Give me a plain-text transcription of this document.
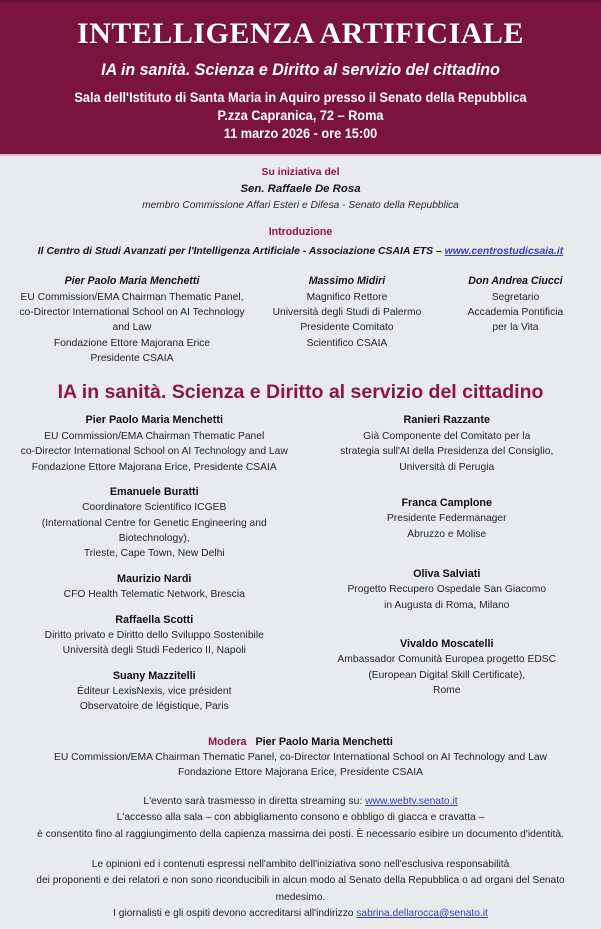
INTELLIGENZA ARTIFICIALE
IA in sanità. Scienza e Diritto al servizio del cittadino
Sala dell'Istituto di Santa Maria in Aquiro presso il Senato della Repubblica
P.zza Capranica, 72 – Roma
11 marzo 2026 - ore 15:00
Su iniziativa del
Sen. Raffaele De Rosa
membro Commissione Affari Esteri e Difesa - Senato della Repubblica
Introduzione
Il Centro di Studi Avanzati per l'Intelligenza Artificiale - Associazione CSAIA ETS – www.centrostudicsaia.it
Pier Paolo Maria Menchetti
EU Commission/EMA Chairman Thematic Panel,
co-Director International School on AI Technology and Law
Fondazione Ettore Majorana Erice
Presidente CSAIA
Massimo Midiri
Magnifico Rettore
Università degli Studi di Palermo
Presidente Comitato
Scientifico CSAIA
Don Andrea Ciucci
Segretario
Accademia Pontificia
per la Vita
IA in sanità. Scienza e Diritto al servizio del cittadino
Pier Paolo Maria Menchetti
EU Commission/EMA Chairman Thematic Panel
co-Director International School on AI Technology and Law
Fondazione Ettore Majorana Erice, Presidente CSAIA
Emanuele Buratti
Coordinatore Scientifico ICGEB
(International Centre for Genetic Engineering and Biotechnology),
Trieste, Cape Town, New Delhi
Maurizio Nardi
CFO Health Telematic Network, Brescia
Raffaella Scotti
Diritto privato e Diritto dello Sviluppo Sostenibile
Università degli Studi Federico II, Napoli
Suany Mazzitelli
Éditeur LexisNexis, vice président
Observatoire de légistique, Paris
Ranieri Razzante
Già Componente del Comitato per la
strategia sull'AI della Presidenza del Consiglio,
Università di Perugia
Franca Camplone
Presidente Federmanager
Abruzzo e Molise
Oliva Salviati
Progetto Recupero Ospedale San Giacomo
in Augusta di Roma, Milano
Vivaldo Moscatelli
Ambassador Comunità Europea progetto EDSC
(European Digital Skill Certificate),
Rome
Modera Pier Paolo Maria Menchetti
EU Commission/EMA Chairman Thematic Panel, co-Director International School on AI Technology and Law
Fondazione Ettore Majorana Erice, Presidente CSAIA
L'evento sarà trasmesso in diretta streaming su: www.webtv.senato.it
L'accesso alla sala – con abbigliamento consono e obbligo di giacca e cravatta –
è consentito fino al raggiungimento della capienza massima dei posti. È necessario esibire un documento d'identità.
Le opinioni ed i contenuti espressi nell'ambito dell'iniziativa sono nell'esclusiva responsabilità
dei proponenti e dei relatori e non sono riconducibili in alcun modo al Senato della Repubblica o ad organi del Senato medesimo.
I giornalisti e gli ospiti devono accreditarsi all'indirizzo sabrina.dellarocca@senato.it
